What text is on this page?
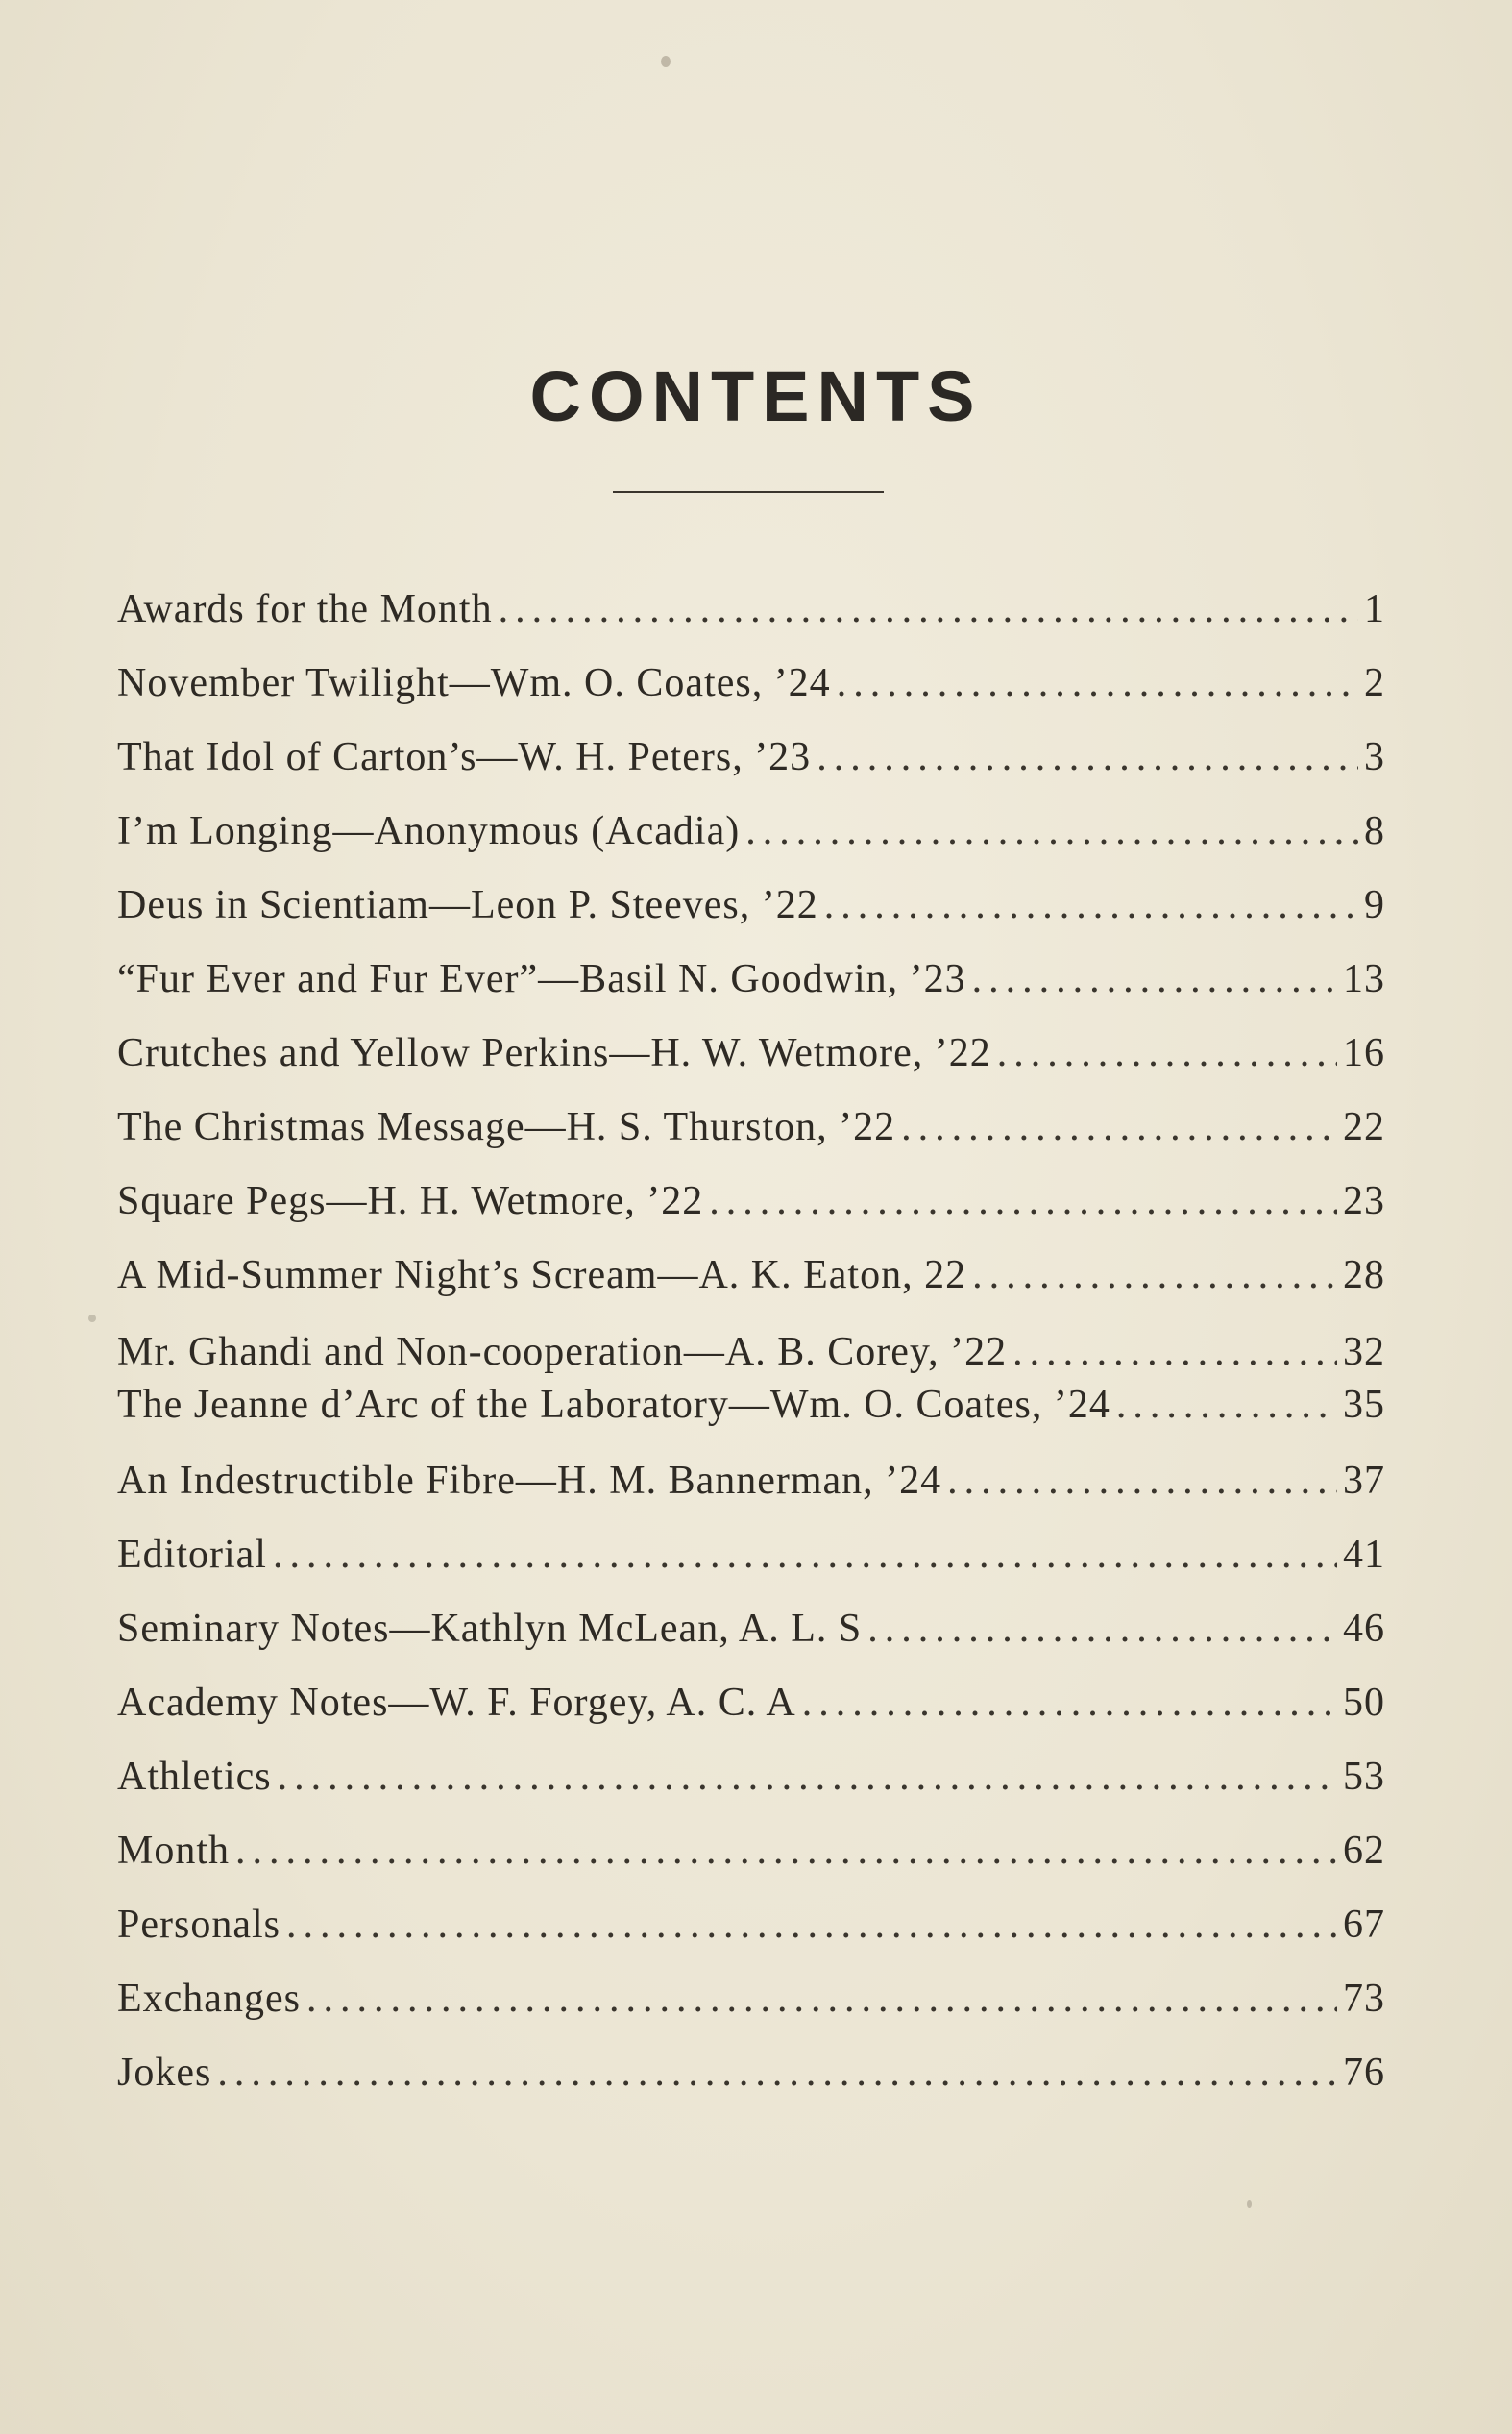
CONTENTS
Awards for the Month .....	1
November Twilight—Wm. O. Coates, ’24 .....	2
That Idol of Carton’s—W. H. Peters, ’23 .....	3
I’m Longing—Anonymous (Acadia) .....	8
Deus in Scientiam—Leon P. Steeves, ’22 .....	9
“Fur Ever and Fur Ever”—Basil N. Goodwin, ’23 .....	13
Crutches and Yellow Perkins—H. W. Wetmore, ’22 .....	16
The Christmas Message—H. S. Thurston, ’22 .....	22
Square Pegs—H. H. Wetmore, ’22 .....	23
A Mid-Summer Night’s Scream—A. K. Eaton, 22 .....	28
Mr. Ghandi and Non-cooperation—A. B. Corey, ’22 .....	32
The Jeanne d’Arc of the Laboratory—Wm. O. Coates, ’24 .....	35
An Indestructible Fibre—H. M. Bannerman, ’24 .....	37
Editorial .....	41
Seminary Notes—Kathlyn McLean, A. L. S .....	46
Academy Notes—W. F. Forgey, A. C. A .....	50
Athletics .....	53
Month .....	62
Personals .....	67
Exchanges .....	73
Jokes .....	76
